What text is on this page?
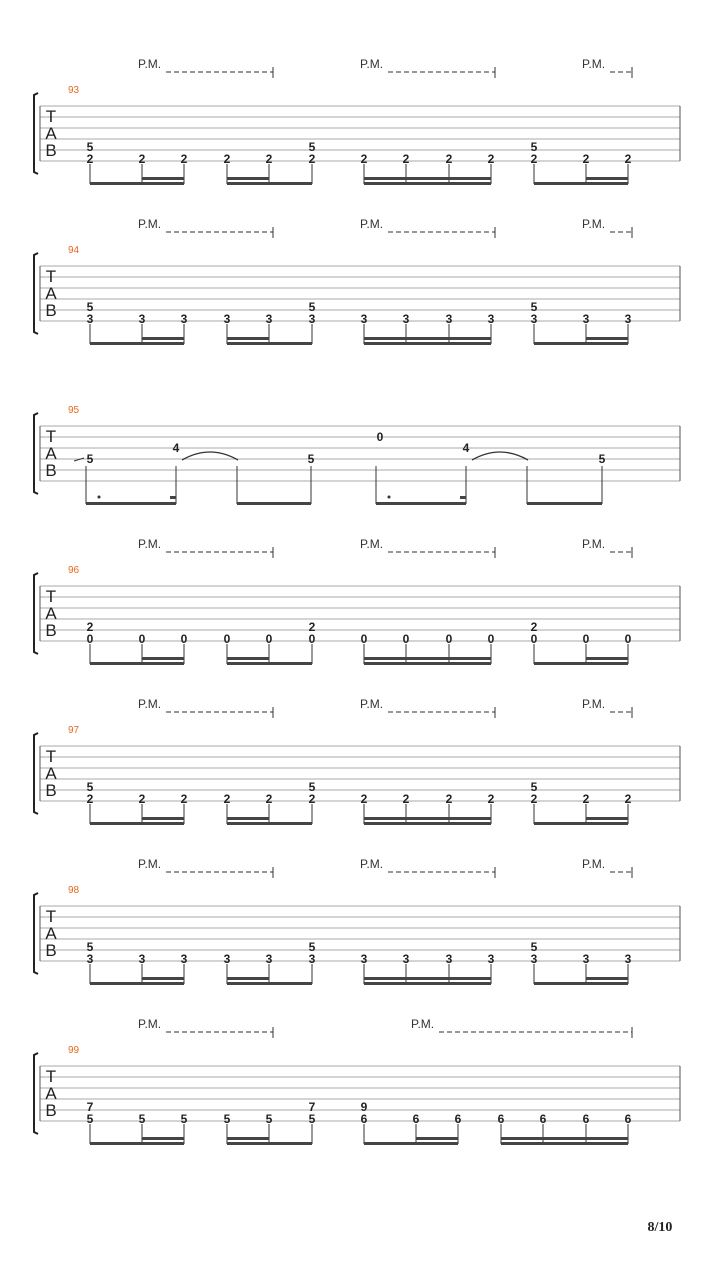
T
A
B
93
P.M.	P.M.	P.M.
5	5	5
2	2	2	2	2	2	2	2	2	2	2	2	2
T
A
B
94
P.M.	P.M.	P.M.
5	5	5
3	3	3	3	3	3	3	3	3	3	3	3	3
T
A
B
95
5
4
5
0
4
5
T
A
B
96
P.M.	P.M.	P.M.
2	2	2
0	0	0	0	0	0	0	0	0	0	0	0	0
T
A
B
97
P.M.	P.M.	P.M.
5	5	5
2	2	2	2	2	2	2	2	2	2	2	2	2
T
A
B
98
P.M.	P.M.	P.M.
5	5	5
3	3	3	3	3	3	3	3	3	3	3	3	3
T
A
B
99
P.M.	P.M.
7	7	9
5	5	5	5	5	5	6	6	6	6	6	6	6
8/10
